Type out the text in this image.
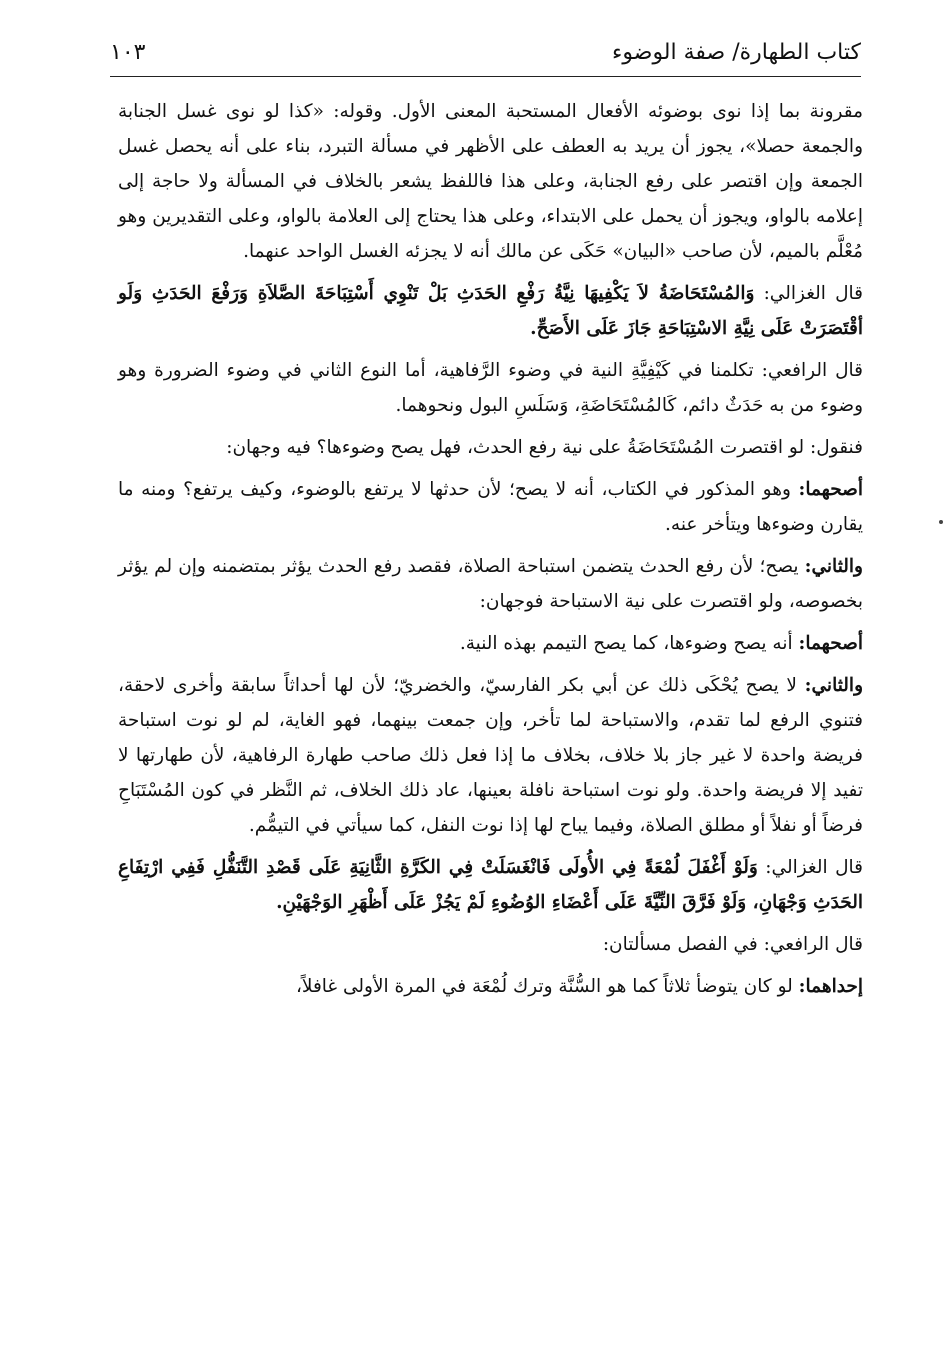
كتاب الطهارة/ صفة الوضوء
١٠٣

مقرونة بما إذا نوى بوضوئه الأفعال المستحبة المعنى الأول. وقوله: «كذا لو نوى غسل الجنابة والجمعة حصلا»، يجوز أن يريد به العطف على الأظهر في مسألة التبرد، بناء على أنه يحصل غسل الجمعة وإن اقتصر على رفع الجنابة، وعلى هذا فاللفظ يشعر بالخلاف في المسألة ولا حاجة إلى إعلامه بالواو، ويجوز أن يحمل على الابتداء، وعلى هذا يحتاج إلى العلامة بالواو، وعلى التقديرين وهو مُعْلَّم بالميم، لأن صاحب «البيان» حَكَى عن مالك أنه لا يجزئه الغسل الواحد عنهما.

قال الغزالي: وَالمُسْتَحَاضَةُ لاَ يَكْفِيهَا نِيَّةُ رَفْعِ الحَدَثِ بَلْ تَنْوِي أَسْتِبَاحَةَ الصَّلاَةِ وَرَفْعَ الحَدَثِ وَلَو أقْتَصَرَتْ عَلَى نِيَّةِ الاسْتِبَاحَةِ جَازَ عَلَى الأَصَحِّ.

قال الرافعي: تكلمنا في كَيْفِيَّةِ النية في وضوء الرَّفاهية، أما النوع الثاني في وضوء الضرورة وهو وضوء من به حَدَثٌ دائم، كَالمُسْتَحَاضَةِ، وَسَلَسِ البول ونحوهما.

فنقول: لو اقتصرت المُسْتَحَاضَةُ على نية رفع الحدث، فهل يصح وضوءها؟ فيه وجهان:

أصحهما: وهو المذكور في الكتاب، أنه لا يصح؛ لأن حدثها لا يرتفع بالوضوء، وكيف يرتفع؟ ومنه ما يقارن وضوءها ويتأخر عنه.

والثاني: يصح؛ لأن رفع الحدث يتضمن استباحة الصلاة، فقصد رفع الحدث يؤثر بمتضمنه وإن لم يؤثر بخصوصه، ولو اقتصرت على نية الاستباحة فوجهان:

أصحهما: أنه يصح وضوءها، كما يصح التيمم بهذه النية.

والثاني: لا يصح يُحْكَى ذلك عن أبي بكر الفارسيّ، والخضريّ؛ لأن لها أحداثاً سابقة وأخرى لاحقة، فتنوي الرفع لما تقدم، والاستباحة لما تأخر، وإن جمعت بينهما، فهو الغاية، لم لو نوت استباحة فريضة واحدة لا غير جاز بلا خلاف، بخلاف ما إذا فعل ذلك صاحب طهارة الرفاهية، لأن طهارتها لا تفيد إلا فريضة واحدة. ولو نوت استباحة نافلة بعينها، عاد ذلك الخلاف، ثم النَّظر في كون المُسْتَبَاحِ فرضاً أو نفلاً أو مطلق الصلاة، وفيما يباح لها إذا نوت النفل، كما سيأتي في التيمُّم.

قال الغزالي: وَلَوْ أَغْفَلَ لُمْعَةً فِي الأُولَى فَانْغَسَلَتْ فِي الكَرَّةِ الثَّانِيَةِ عَلَى قَصْدِ التَّنَفُّلِ فَفِي ارْتِفَاعِ الحَدَثِ وَجْهَانِ، وَلَوْ فَرَّقَ النِّيَّةَ عَلَى أَعْضَاءِ الوُضُوءِ لَمْ يَجُزْ عَلَى أَظْهَرِ الوَجْهَيْنِ.

قال الرافعي: في الفصل مسألتان:

إحداهما: لو كان يتوضأ ثلاثاً كما هو السُّنَّة وترك لُمْعَة في المرة الأولى غافلاً،
